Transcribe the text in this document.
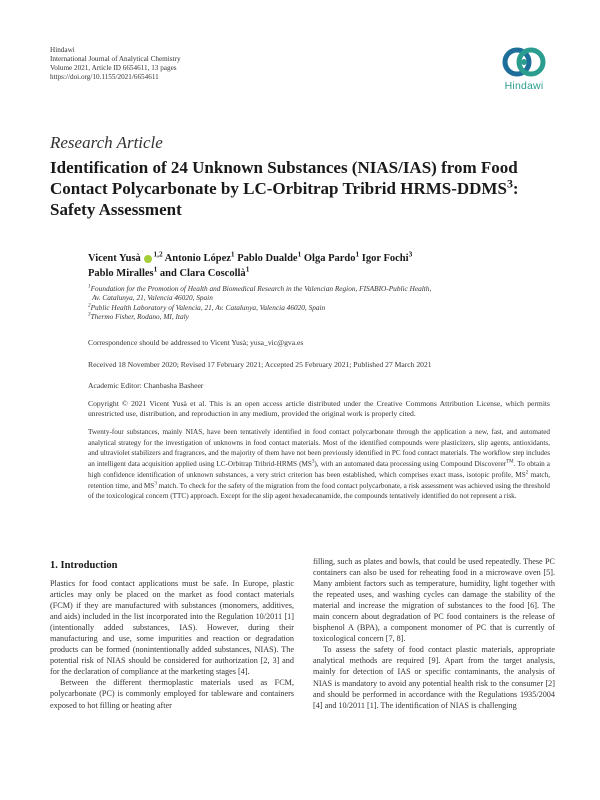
Hindawi
International Journal of Analytical Chemistry
Volume 2021, Article ID 6654611, 13 pages
https://doi.org/10.1155/2021/6654611
Hindawi
Research Article
Identification of 24 Unknown Substances (NIAS/IAS) from Food
Contact Polycarbonate by LC-Orbitrap Tribrid HRMS-DDMS$^3$:
Safety Assessment
Vicent Yusà $^{1,2}$ Antonio López$^1$ Pablo Dualde$^1$ Olga Pardo$^1$ Igor Fochi$^3$
Pablo Miralles$^1$ and Clara Coscollà$^1$
$^1$Foundation for the Promotion of Health and Biomedical Research in the Valencian Region, FISABIO-Public Health,
Av. Catalunya, 21, Valencia 46020, Spain
$^2$Public Health Laboratory of Valencia, 21, Av. Catalunya, Valencia 46020, Spain
$^3$Thermo Fisher, Rodano, MI, Italy
Correspondence should be addressed to Vicent Yusà; yusa_vic@gva.es
Received 18 November 2020; Revised 17 February 2021; Accepted 25 February 2021; Published 27 March 2021
Academic Editor: Chanbasha Basheer
Copyright © 2021 Vicent Yusà et al. This is an open access article distributed under the Creative Commons Attribution License, which permits unrestricted use, distribution, and reproduction in any medium, provided the original work is properly cited.
Twenty-four substances, mainly NIAS, have been tentatively identified in food contact polycarbonate through the application a new, fast, and automated analytical strategy for the investigation of unknowns in food contact materials. Most of the identified compounds were plasticizers, slip agents, antioxidants, and ultraviolet stabilizers and fragrances, and the majority of them have not been previously identified in PC food contact materials. The workflow step includes an intelligent data acquisition applied using LC-Orbitrap Tribrid-HRMS $(MS^3)$, with an automated data processing using Compound Discoverer™. To obtain a high confidence identification of unknown substances, a very strict criterion has been established, which comprises exact mass, isotopic profile, $MS^2$ match, retention time, and $MS^3$ match. To check for the safety of the migration from the food contact polycarbonate, a risk assessment was achieved using the threshold of the toxicological concern (TTC) approach. Except for the slip agent hexadecanamide, the compounds tentatively identified do not represent a risk.
1. Introduction

Plastics for food contact applications must be safe. In Europe, plastic articles may only be placed on the market as food contact materials (FCM) if they are manufactured with substances (monomers, additives, and aids) included in the list incorporated into the Regulation 10/2011 [1] (intentionally added substances, IAS). However, during their manufacturing and use, some impurities and reaction or degradation products can be formed (nonintentionally added substances, NIAS). The potential risk of NIAS should be considered for authorization [2, 3] and for the declaration of compliance at the marketing stages [4].

Between the different thermoplastic materials used as FCM, polycarbonate (PC) is commonly employed for tableware and containers exposed to hot filling or heating after

filling, such as plates and bowls, that could be used repeatedly. These PC containers can also be used for reheating food in a microwave oven [5]. Many ambient factors such as temperature, humidity, light together with the repeated uses, and washing cycles can damage the stability of the material and increase the migration of substances to the food [6]. The main concern about degradation of PC food containers is the release of bisphenol A (BPA), a component monomer of PC that is currently of toxicological concern [7, 8].

To assess the safety of food contact plastic materials, appropriate analytical methods are required [9]. Apart from the target analysis, mainly for detection of IAS or specific contaminants, the analysis of NIAS is mandatory to avoid any potential health risk to the consumer [2] and should be performed in accordance with the Regulations 1935/2004 [4] and 10/2011 [1]. The identification of NIAS is challenging
